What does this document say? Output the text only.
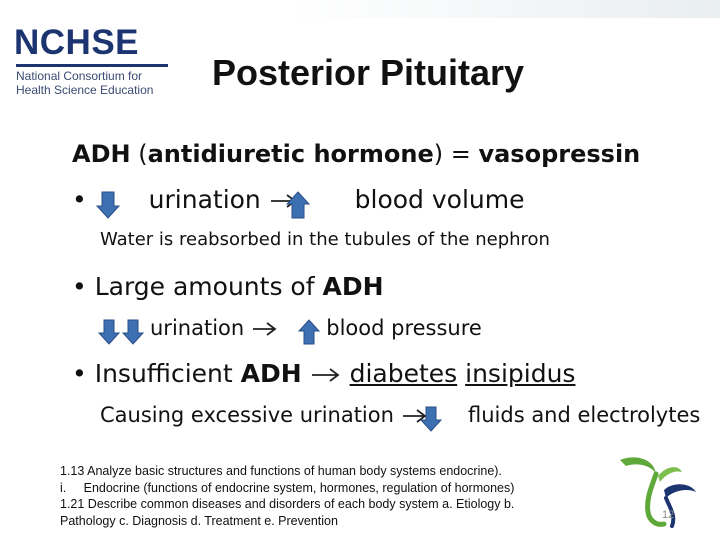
NCHSE
National Consortium for
Health Science Education Posterior Pituitary
ADH (antidiuretic hormone) = vasopressin
• urination	blood volume
Water is reabsorbed in the tubules of the nephron
• Large amounts of ADH
urination	blood pressure
• Insufficient ADH diabetes insipidus
Causing excessive urination	fluids and electrolytes
1.13 Analyze basic structures and functions of human body systems endocrine).
i.     Endocrine (functions of endocrine system, hormones, regulation of hormones)
1.21 Describe common diseases and disorders of each body system a. Etiology b.
Pathology c. Diagnosis d. Treatment e. Prevention	12
